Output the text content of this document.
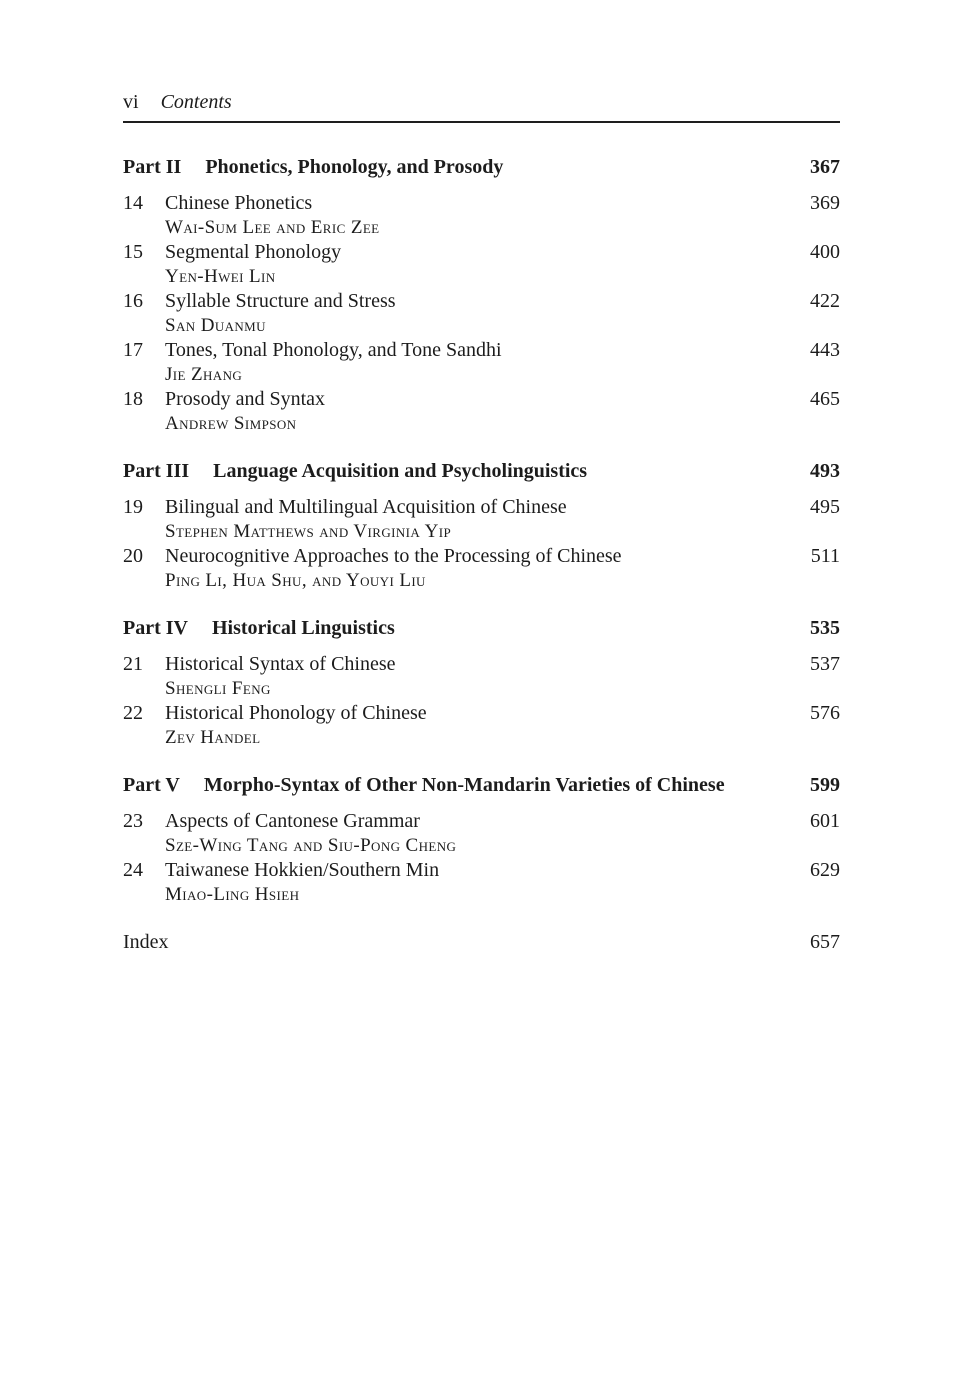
vi Contents
Part II Phonetics, Phonology, and Prosody	367
14	Chinese Phonetics	369
Wai-Sum Lee and Eric Zee
15	Segmental Phonology	400
Yen-Hwei Lin
16	Syllable Structure and Stress	422
San Duanmu
17	Tones, Tonal Phonology, and Tone Sandhi	443
Jie Zhang
18	Prosody and Syntax	465
Andrew Simpson
Part III Language Acquisition and Psycholinguistics	493
19	Bilingual and Multilingual Acquisition of Chinese	495
Stephen Matthews and Virginia Yip
20	Neurocognitive Approaches to the Processing of Chinese	511
Ping Li, Hua Shu, and Youyi Liu
Part IV Historical Linguistics	535
21	Historical Syntax of Chinese	537
Shengli Feng
22	Historical Phonology of Chinese	576
Zev Handel
Part V Morpho-Syntax of Other Non-Mandarin Varieties of Chinese	599
23	Aspects of Cantonese Grammar	601
Sze-Wing Tang and Siu-Pong Cheng
24	Taiwanese Hokkien/Southern Min	629
Miao-Ling Hsieh
Index	657
